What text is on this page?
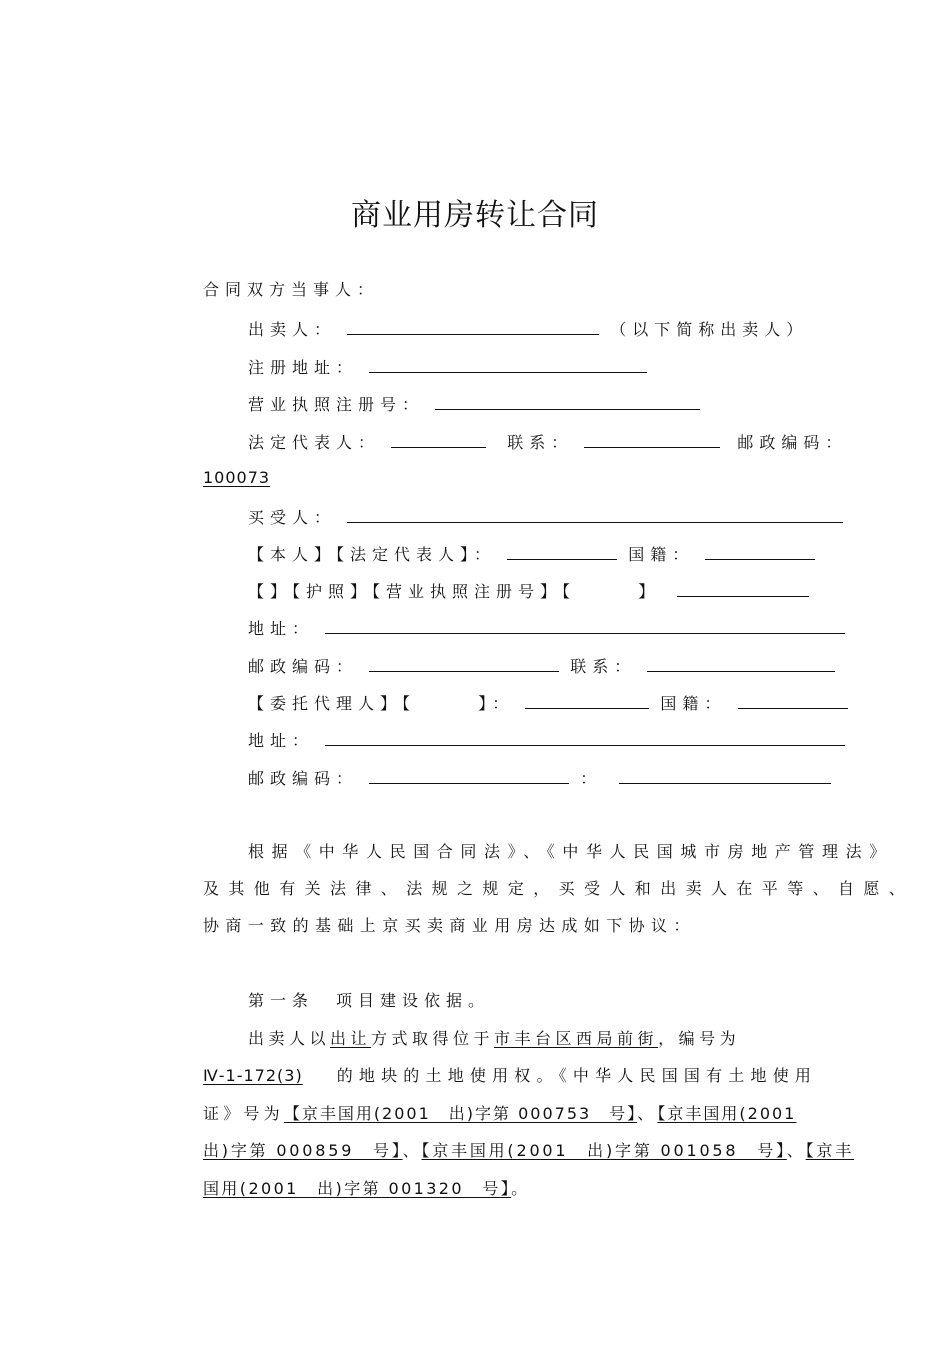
商业用房转让合同
合同双方当事人：
出卖人：	（以下简称出卖人）
注册地址：
营业执照注册号：
法定代表人：	联系：	邮政编码：
100073
买受人：
【本人】【法定代表人】：	国籍：
【】【护照】【营业执照注册号】【	】
地址：
邮政编码：	联系：
【委托代理人】【	】：	国籍：
地址：
邮政编码：	：
根据《中华人民国合同法》、《中华人民国城市房地产管理法》
及其他有关法律、法规之规定，买受人和出卖人在平等、自愿、
协商一致的基础上京买卖商业用房达成如下协议：
第一条　项目建设依据。
出卖人以出让方式取得位于市丰台区西局前街，编号为
Ⅳ-1-172(3) 的地块的土地使用权。《中华人民国国有土地使用
证》号为【京丰国用(2001　出)字第 000753　号】、【京丰国用(2001
出)字第 000859　号】、【京丰国用(2001　出)字第 001058　号】、【京丰
国用(2001　出)字第 001320　号】。
